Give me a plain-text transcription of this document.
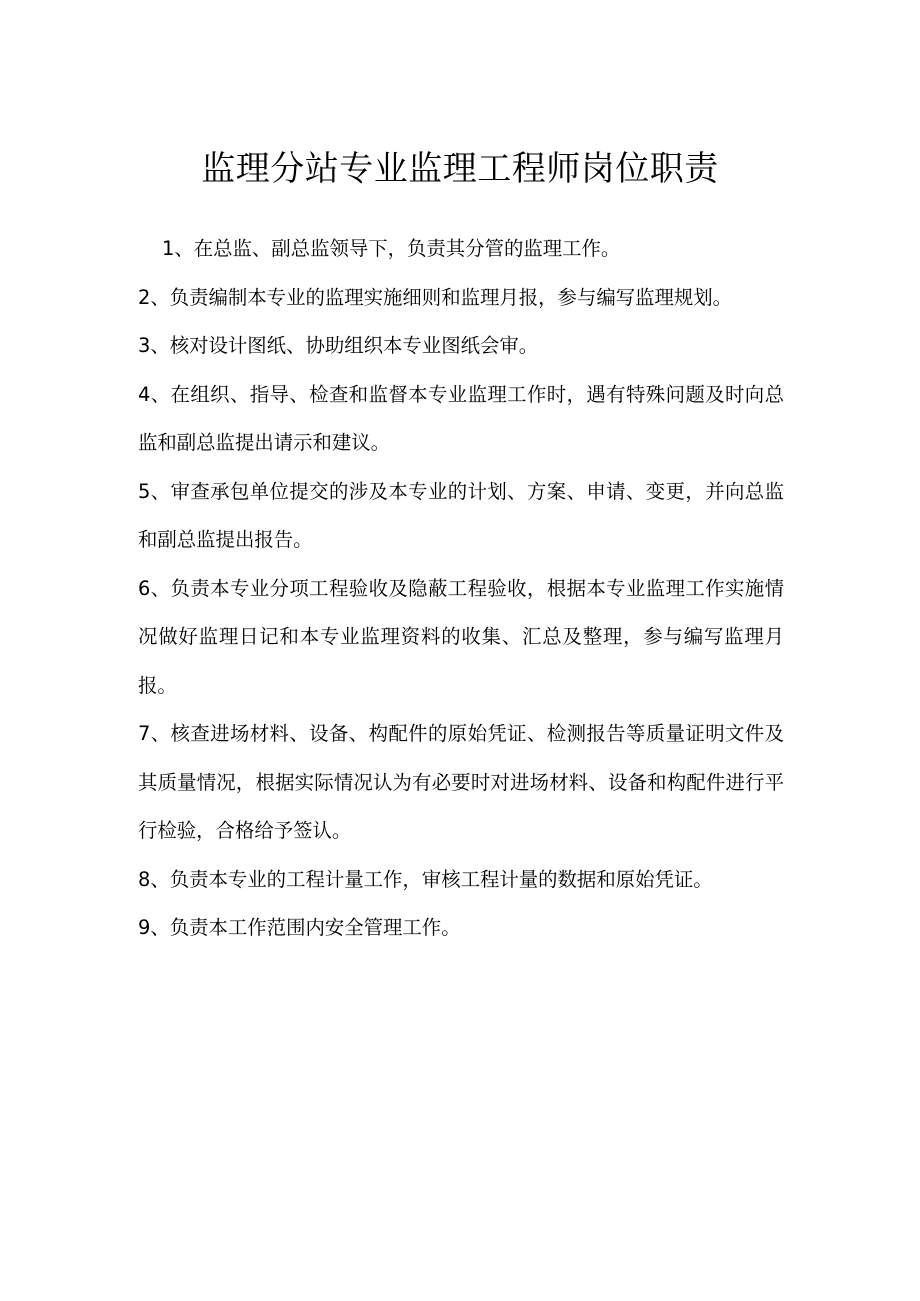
监理分站专业监理工程师岗位职责

1、在总监、副总监领导下，负责其分管的监理工作。

2、负责编制本专业的监理实施细则和监理月报，参与编写监理规划。

3、核对设计图纸、协助组织本专业图纸会审。

4、在组织、指导、检查和监督本专业监理工作时，遇有特殊问题及时向总监和副总监提出请示和建议。

5、审查承包单位提交的涉及本专业的计划、方案、申请、变更，并向总监和副总监提出报告。

6、负责本专业分项工程验收及隐蔽工程验收，根据本专业监理工作实施情况做好监理日记和本专业监理资料的收集、汇总及整理，参与编写监理月报。

7、核查进场材料、设备、构配件的原始凭证、检测报告等质量证明文件及其质量情况，根据实际情况认为有必要时对进场材料、设备和构配件进行平行检验，合格给予签认。

8、负责本专业的工程计量工作，审核工程计量的数据和原始凭证。

9、负责本工作范围内安全管理工作。
